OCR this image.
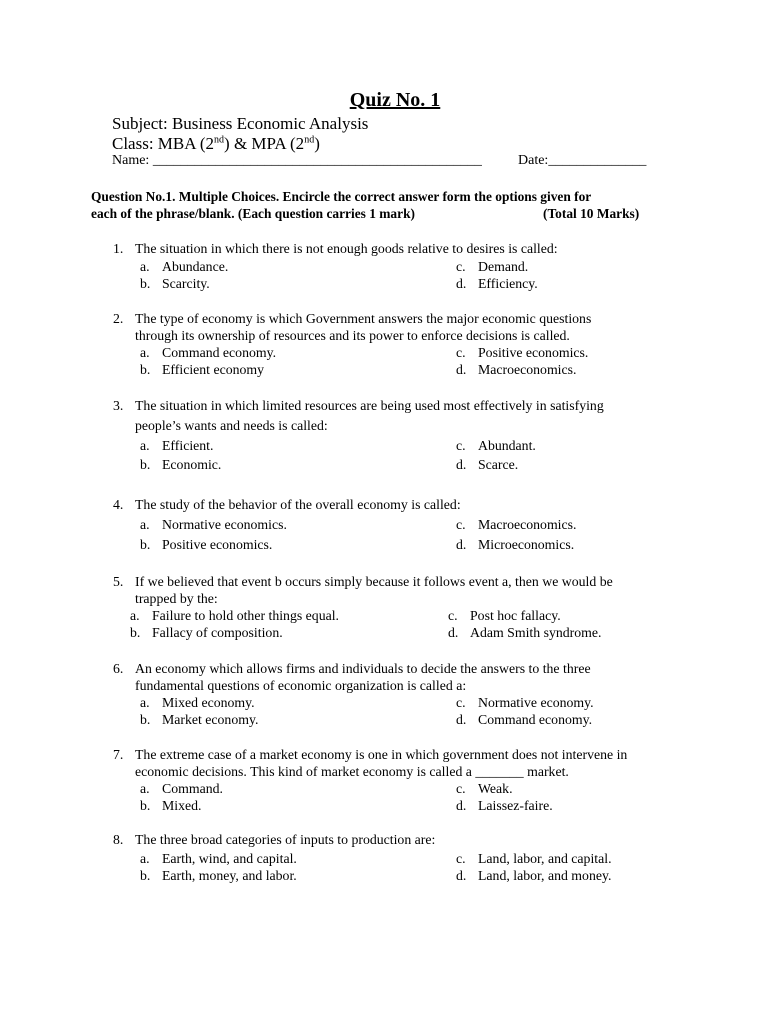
Quiz No. 1
Subject: Business Economic Analysis
Class: MBA (2nd) & MPA (2nd)
Name: _______________________________________________	Date:______________
Question No.1. Multiple Choices. Encircle the correct answer form the options given for
each of the phrase/blank. (Each question carries 1 mark)	(Total 10 Marks)
1. The situation in which there is not enough goods relative to desires is called:
a. Abundance.
b. Scarcity.
c. Demand.
d. Efficiency.
2. The type of economy is which Government answers the major economic questions
through its ownership of resources and its power to enforce decisions is called.
a. Command economy.
b. Efficient economy
c. Positive economics.
d. Macroeconomics.
3. The situation in which limited resources are being used most effectively in satisfying
people’s wants and needs is called:
a. Efficient.
b. Economic.
c. Abundant.
d. Scarce.
4. The study of the behavior of the overall economy is called:
a. Normative economics.
b. Positive economics.
c. Macroeconomics.
d. Microeconomics.
5. If we believed that event b occurs simply because it follows event a, then we would be
trapped by the:
a. Failure to hold other things equal.
b. Fallacy of composition.
c. Post hoc fallacy.
d. Adam Smith syndrome.
6. An economy which allows firms and individuals to decide the answers to the three
fundamental questions of economic organization is called a:
a. Mixed economy.
b. Market economy.
c. Normative economy.
d. Command economy.
7. The extreme case of a market economy is one in which government does not intervene in
economic decisions. This kind of market economy is called a _______ market.
a. Command.
b. Mixed.
c. Weak.
d. Laissez-faire.
8. The three broad categories of inputs to production are:
a. Earth, wind, and capital.
b. Earth, money, and labor.
c. Land, labor, and capital.
d. Land, labor, and money.
